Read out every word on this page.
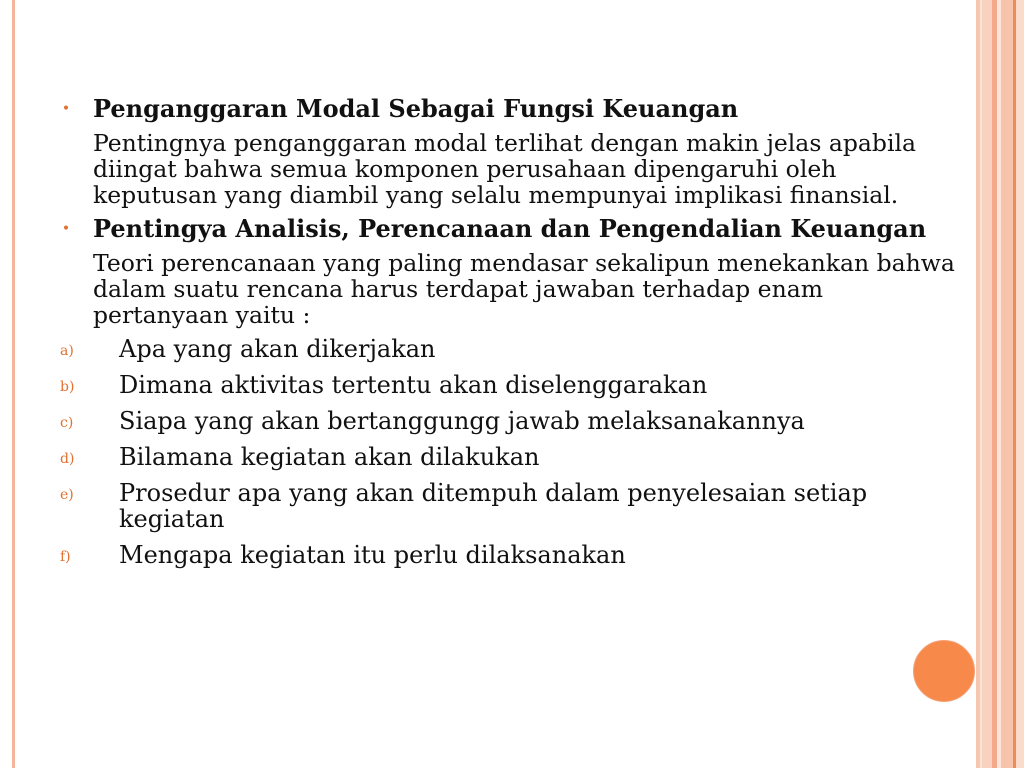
• Penganggaran Modal Sebagai Fungsi Keuangan
Pentingnya penganggaran modal terlihat dengan makin jelas apabila diingat bahwa semua komponen perusahaan dipengaruhi oleh keputusan yang diambil yang selalu mempunyai implikasi finansial.
• Pentingya Analisis, Perencanaan dan Pengendalian Keuangan
Teori perencanaan yang paling mendasar sekalipun menekankan bahwa dalam suatu rencana harus terdapat jawaban terhadap enam pertanyaan yaitu :
a) Apa yang akan dikerjakan
b) Dimana aktivitas tertentu akan diselenggarakan
c) Siapa yang akan bertanggungg jawab melaksanakannya
d) Bilamana kegiatan akan dilakukan
e) Prosedur apa yang akan ditempuh dalam penyelesaian setiap kegiatan
f) Mengapa kegiatan itu perlu dilaksanakan
